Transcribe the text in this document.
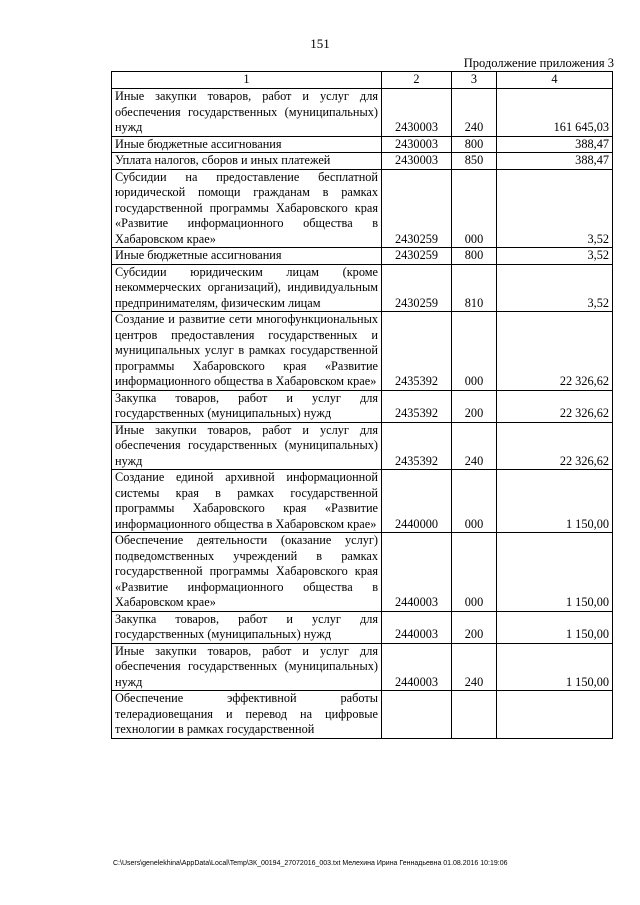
151
Продолжение приложения 3
1	2	3	4
Иные закупки товаров, работ и услуг для обеспечения государственных (муниципальных) нужд	2430003	240	161 645,03
Иные бюджетные ассигнования	2430003	800	388,47
Уплата налогов, сборов и иных платежей	2430003	850	388,47
Субсидии на предоставление бесплатной юридической помощи гражданам в рамках государственной программы Хабаровского края «Развитие информационного общества в Хабаровском крае»	2430259	000	3,52
Иные бюджетные ассигнования	2430259	800	3,52
Субсидии юридическим лицам (кроме некоммерческих организаций), индивидуальным предпринимателям, физическим лицам	2430259	810	3,52
Создание и развитие сети многофункциональных центров предоставления государственных и муниципальных услуг в рамках государственной программы Хабаровского края «Развитие информационного общества в Хабаровском крае»	2435392	000	22 326,62
Закупка товаров, работ и услуг для государственных (муниципальных) нужд	2435392	200	22 326,62
Иные закупки товаров, работ и услуг для обеспечения государственных (муниципальных) нужд	2435392	240	22 326,62
Создание единой архивной информационной системы края в рамках государственной программы Хабаровского края «Развитие информационного общества в Хабаровском крае»	2440000	000	1 150,00
Обеспечение деятельности (оказание услуг) подведомственных учреждений в рамках государственной программы Хабаровского края «Развитие информационного общества в Хабаровском крае»	2440003	000	1 150,00
Закупка товаров, работ и услуг для государственных (муниципальных) нужд	2440003	200	1 150,00
Иные закупки товаров, работ и услуг для обеспечения государственных (муниципальных) нужд	2440003	240	1 150,00
Обеспечение эффективной работы телерадиовещания и перевод на цифровые технологии в рамках государственной			
C:\Users\genelekhina\AppData\Local\Temp\ЗК_00194_27072016_003.txt Мелехина Ирина Геннадьевна 01.08.2016 10:19:06
